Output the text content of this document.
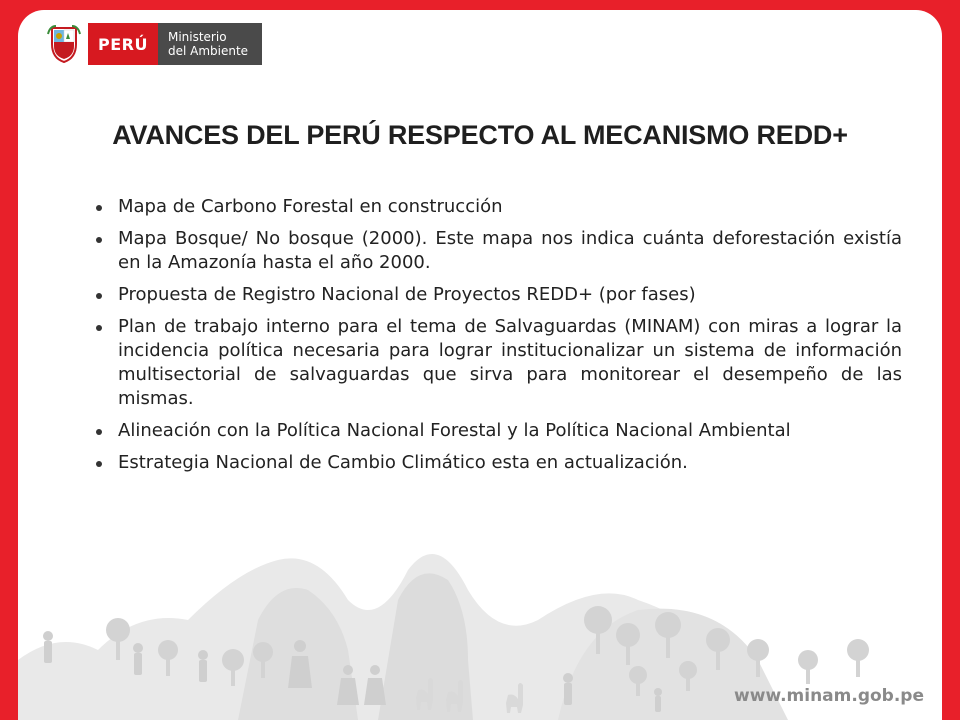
PERÚ	Ministerio
del Ambiente
AVANCES DEL PERÚ RESPECTO AL MECANISMO REDD+
Mapa de Carbono Forestal en construcción
Mapa Bosque/ No bosque (2000). Este mapa nos indica cuánta deforestación existía en la Amazonía hasta el año 2000.
Propuesta de Registro Nacional de Proyectos REDD+ (por fases)
Plan de trabajo interno para el tema de Salvaguardas (MINAM) con miras a lograr la incidencia política necesaria para lograr institucionalizar un sistema de información multisectorial de salvaguardas que sirva para monitorear el desempeño de las mismas.
Alineación con la Política Nacional Forestal y la Política Nacional Ambiental
Estrategia Nacional de Cambio Climático esta en actualización.
www.minam.gob.pe
